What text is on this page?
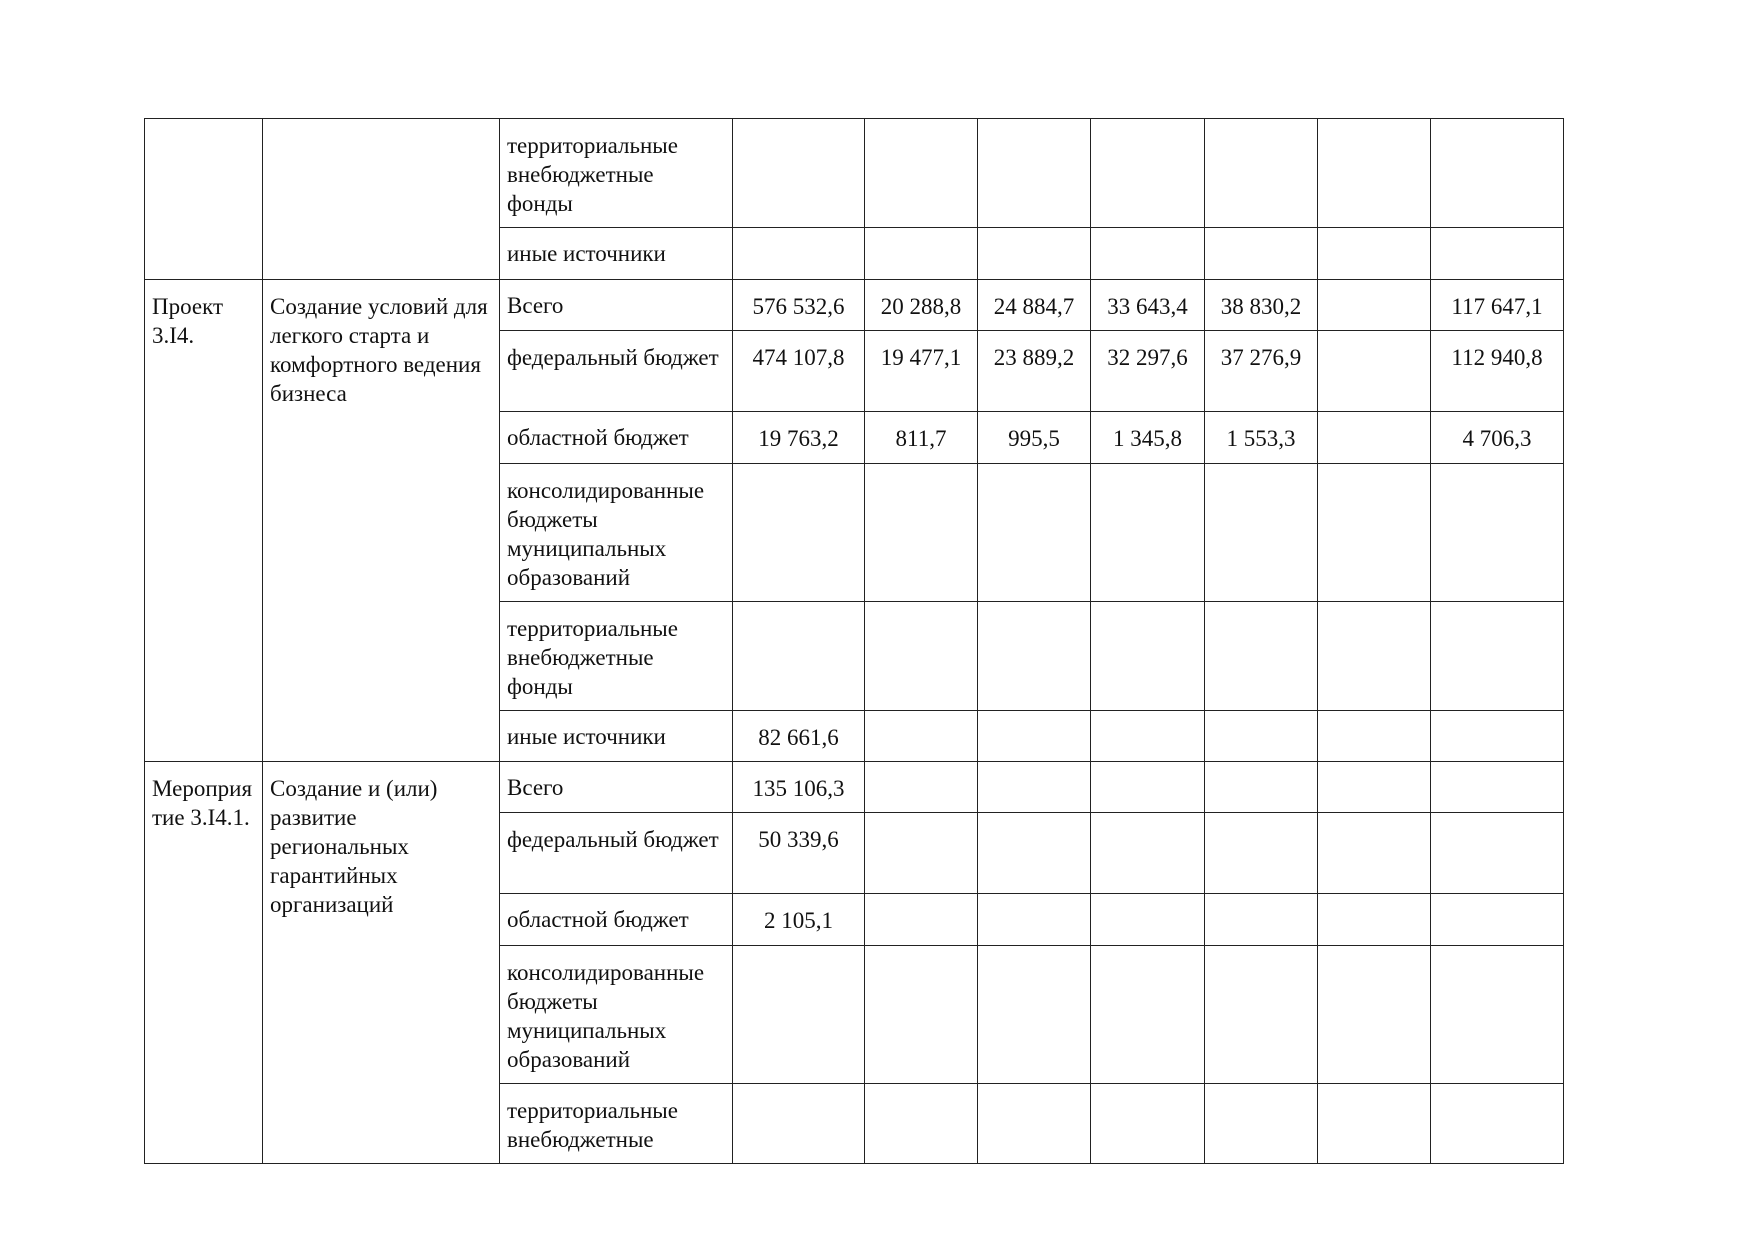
		территориальные внебюджетные фонды							
		иные источники							
Проект 3.I4.	Создание условий для легкого старта и комфортного ведения бизнеса	Всего	576 532,6	20 288,8	24 884,7	33 643,4	38 830,2		117 647,1
		федеральный бюджет	474 107,8	19 477,1	23 889,2	32 297,6	37 276,9		112 940,8
		областной бюджет	19 763,2	811,7	995,5	1 345,8	1 553,3		4 706,3
		консолидированные бюджеты муниципальных образований							
		территориальные внебюджетные фонды							
		иные источники	82 661,6						
Мероприятие 3.I4.1.	Создание и (или) развитие региональных гарантийных организаций	Всего	135 106,3						
		федеральный бюджет	50 339,6						
		областной бюджет	2 105,1						
		консолидированные бюджеты муниципальных образований							
		территориальные внебюджетные							
